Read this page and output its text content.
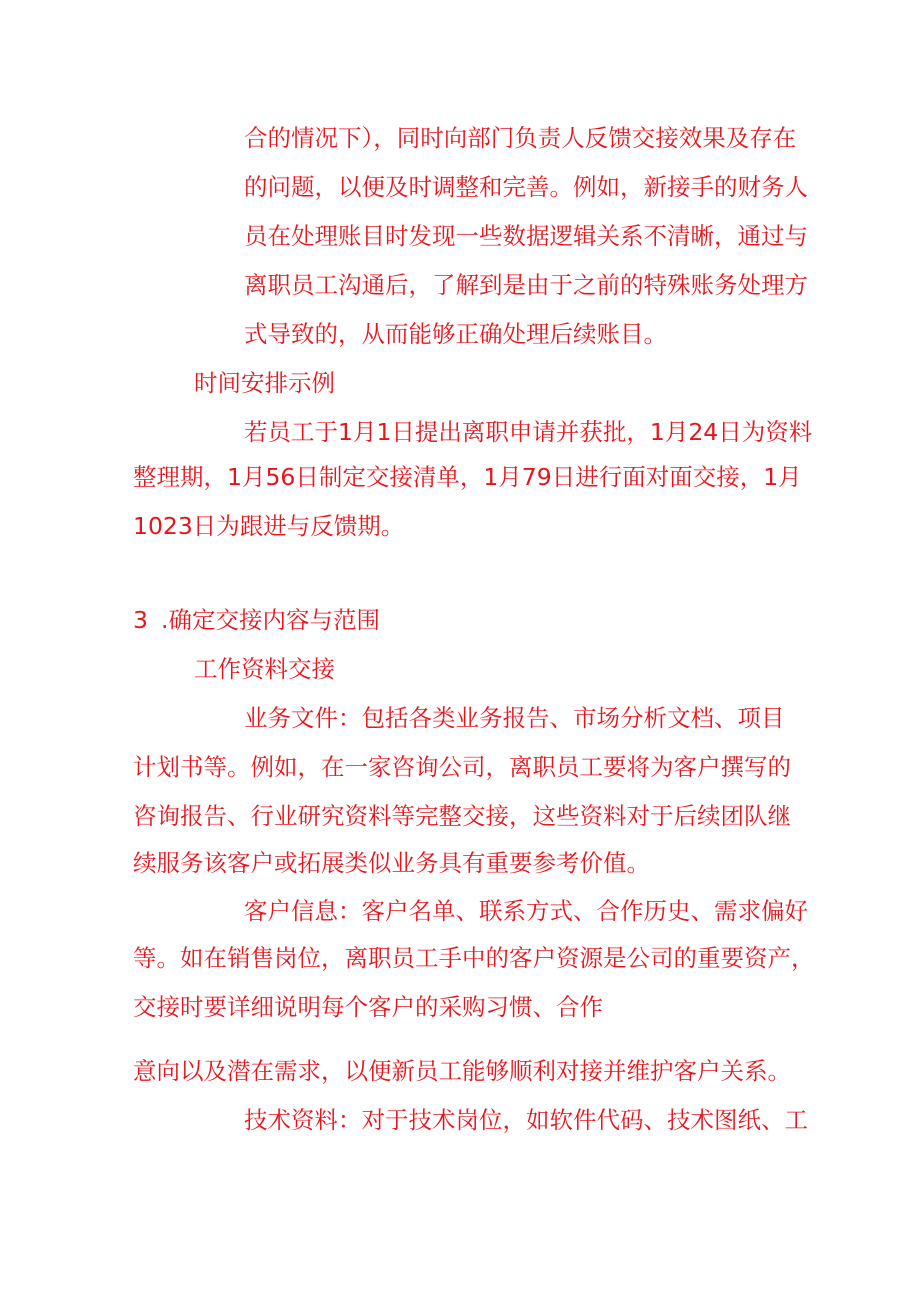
合的情况下），同时向部门负责人反馈交接效果及存在
的问题，以便及时调整和完善。例如，新接手的财务人
员在处理账目时发现一些数据逻辑关系不清晰，通过与
离职员工沟通后，了解到是由于之前的特殊账务处理方
式导致的，从而能够正确处理后续账目。
时间安排示例
若员工于1月1日提出离职申请并获批，1月24日为资料
整理期，1月56日制定交接清单，1月79日进行面对面交接，1月
1023日为跟进与反馈期。
3 .确定交接内容与范围
工作资料交接
业务文件：包括各类业务报告、市场分析文档、项目
计划书等。例如，在一家咨询公司，离职员工要将为客户撰写的
咨询报告、行业研究资料等完整交接，这些资料对于后续团队继
续服务该客户或拓展类似业务具有重要参考价值。
客户信息：客户名单、联系方式、合作历史、需求偏好
等。如在销售岗位，离职员工手中的客户资源是公司的重要资产，
交接时要详细说明每个客户的采购习惯、合作
意向以及潜在需求，以便新员工能够顺利对接并维护客户关系。
技术资料：对于技术岗位，如软件代码、技术图纸、工
